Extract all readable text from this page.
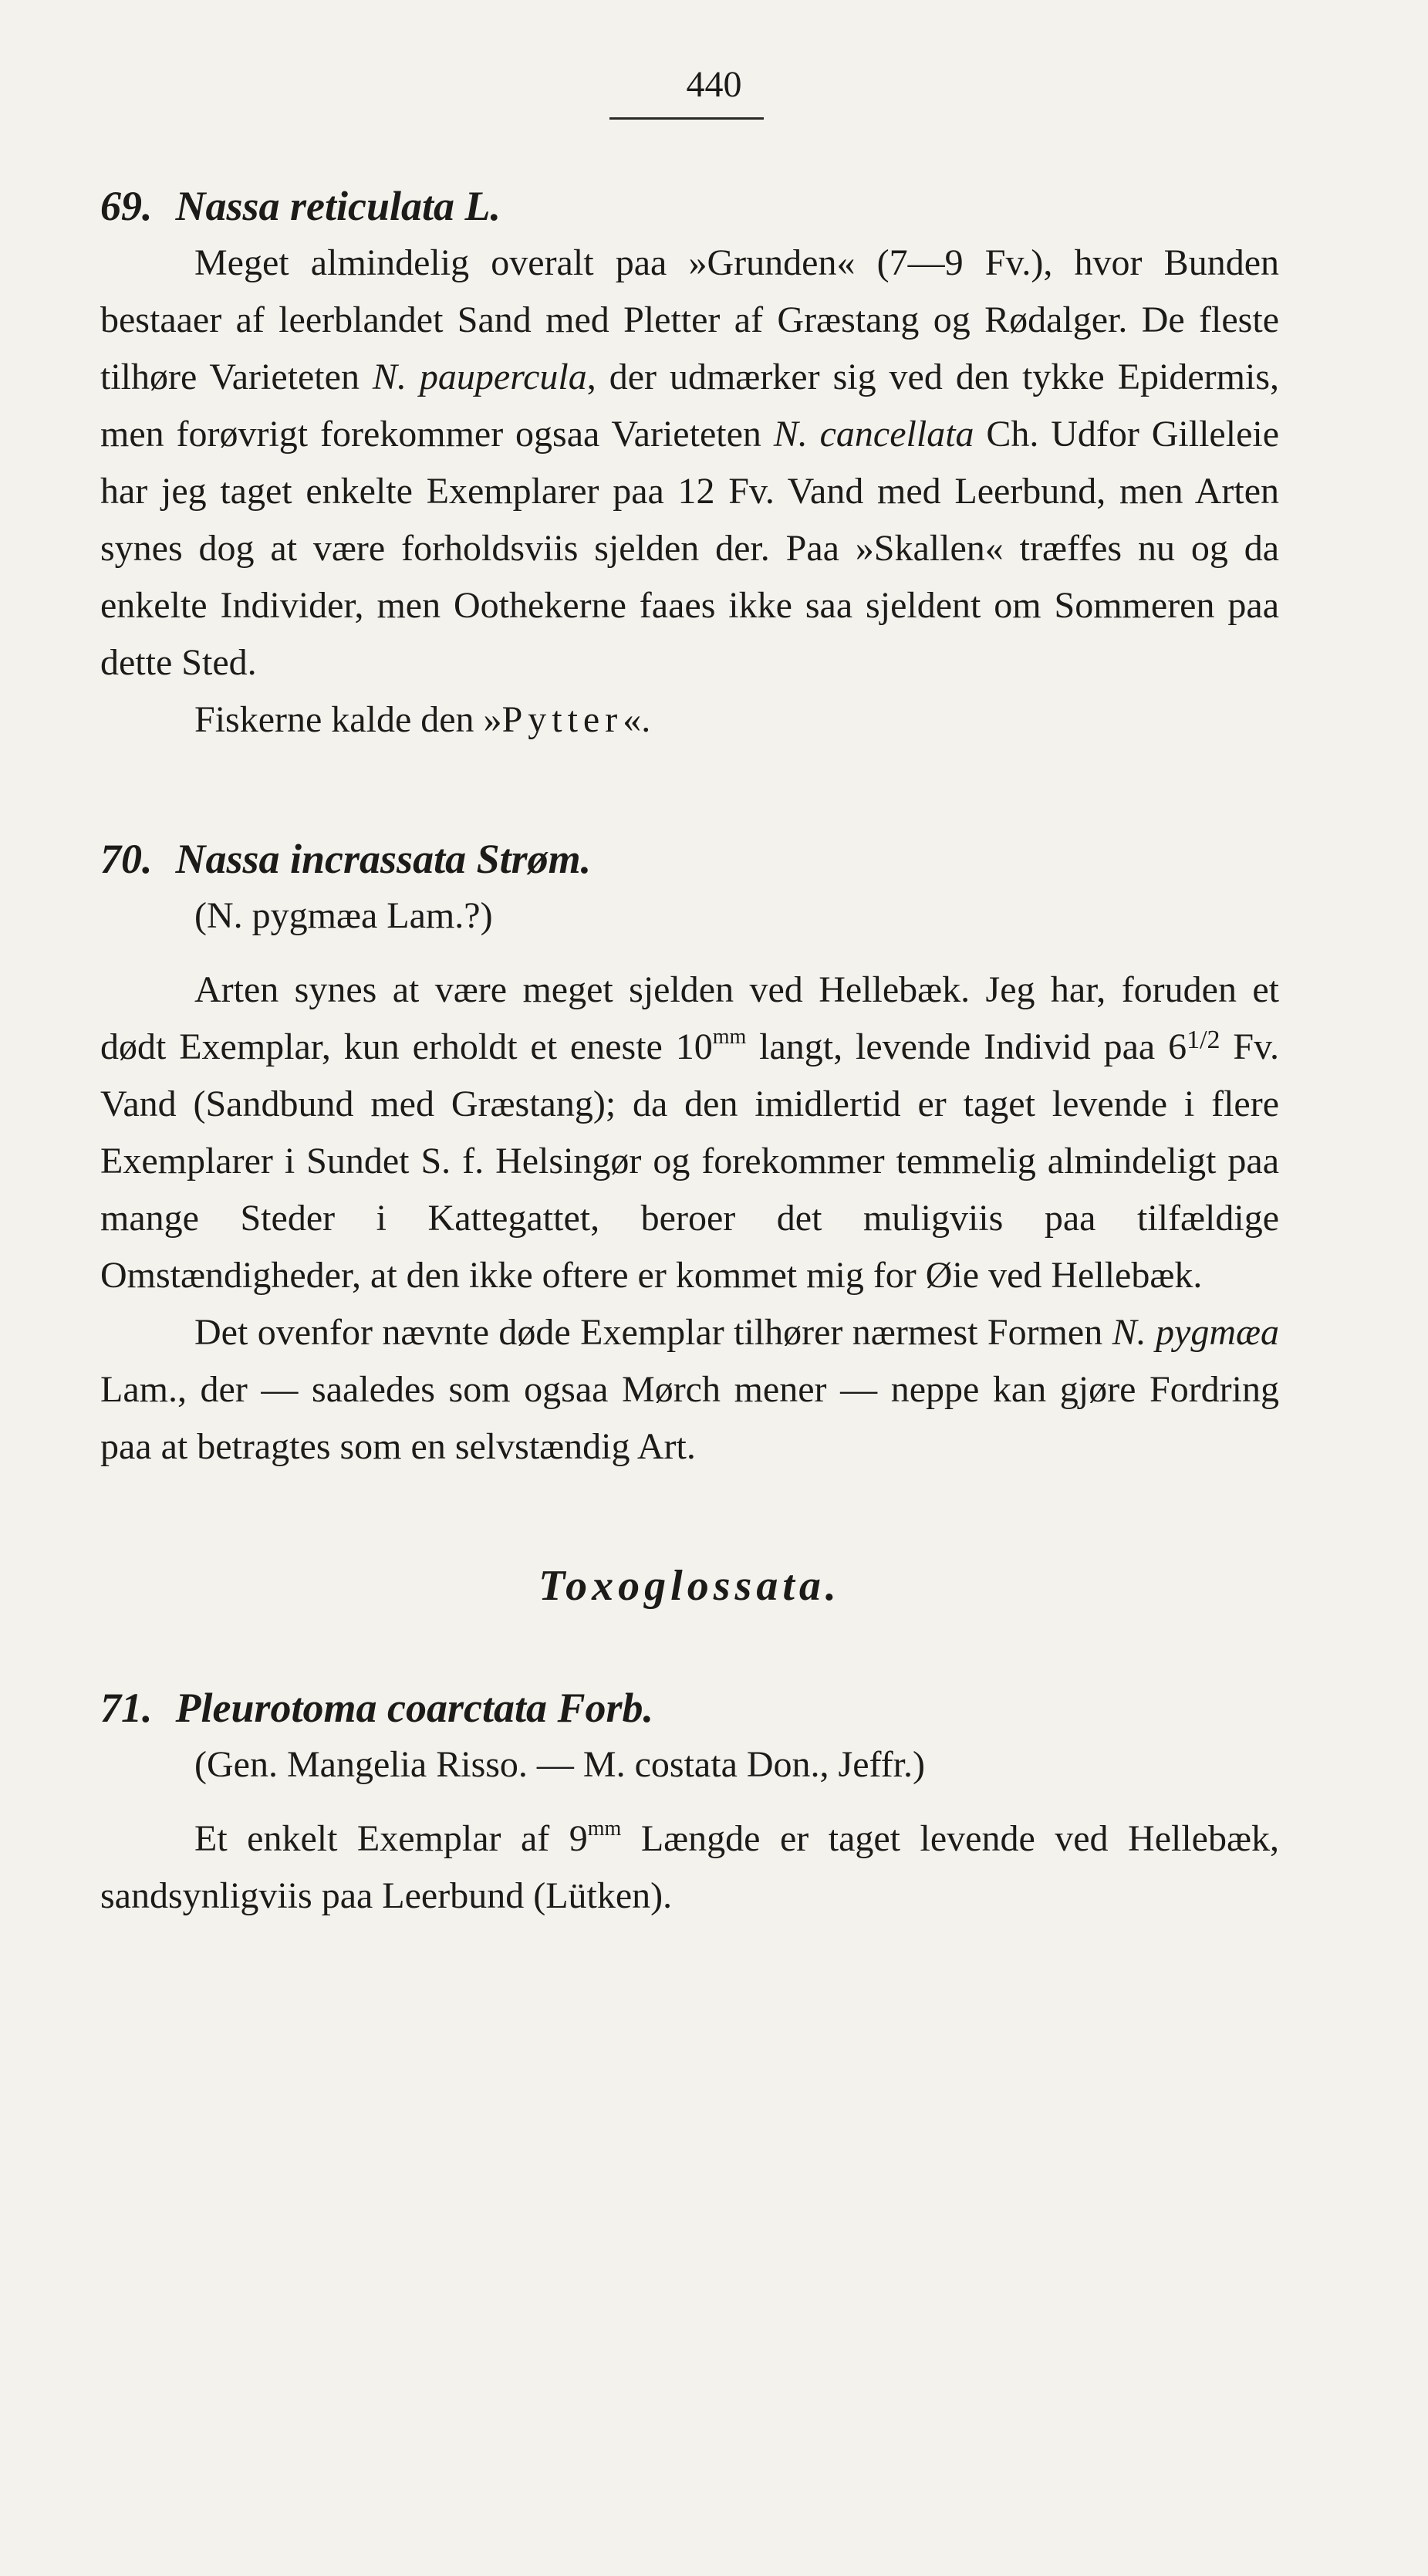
440
69. Nassa reticulata L.

Meget almindelig overalt paa »Grunden« (7—9 Fv.), hvor Bunden bestaaer af leerblandet Sand med Pletter af Græstang og Rødalger. De fleste tilhøre Varieteten N. paupercula, der udmærker sig ved den tykke Epidermis, men forøvrigt forekommer ogsaa Varieteten N. cancellata Ch. Udfor Gilleleie har jeg taget enkelte Exemplarer paa 12 Fv. Vand med Leerbund, men Arten synes dog at være forholdsviis sjelden der. Paa »Skallen« træffes nu og da enkelte Individer, men Oothekerne faaes ikke saa sjeldent om Sommeren paa dette Sted.

Fiskerne kalde den »Pytter«.

70. Nassa incrassata Strøm.

(N. pygmæa Lam.?)

Arten synes at være meget sjelden ved Hellebæk. Jeg har, foruden et dødt Exemplar, kun erholdt et eneste $10^{mm}$ langt, levende Individ paa $6^{1/2}$ Fv. Vand (Sandbund med Græstang); da den imidlertid er taget levende i flere Exemplarer i Sundet S. f. Helsingør og forekommer temmelig almindeligt paa mange Steder i Kattegattet, beroer det muligviis paa tilfældige Omstændigheder, at den ikke oftere er kommet mig for Øie ved Hellebæk.

Det ovenfor nævnte døde Exemplar tilhører nærmest Formen N. pygmæa Lam., der — saaledes som ogsaa Mørch mener — neppe kan gjøre Fordring paa at betragtes som en selvstændig Art.

Toxoglossata.
71. Pleurotoma coarctata Forb.

(Gen. Mangelia Risso. — M. costata Don., Jeffr.)

Et enkelt Exemplar af $9^{mm}$ Længde er taget levende ved Hellebæk, sandsynligviis paa Leerbund (Lütken).
